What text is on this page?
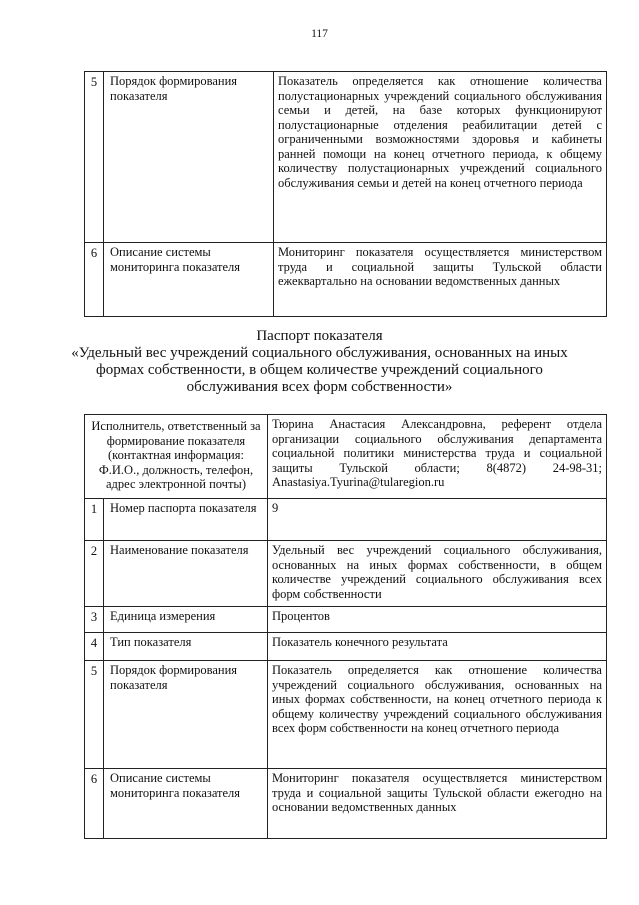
117
5	Порядок формирования показателя	Показатель определяется как отношение количества полустационарных учреждений социального обслуживания семьи и детей, на базе которых функционируют полустационарные отделения реабилитации детей с ограниченными возможностями здоровья и кабинеты ранней помощи на конец отчетного периода, к общему количеству полустационарных учреждений социального обслуживания семьи и детей на конец отчетного периода
6	Описание системы мониторинга показателя	Мониторинг показателя осуществляется министерством труда и социальной защиты Тульской области ежеквартально на основании ведомственных данных
Паспорт показателя
«Удельный вес учреждений социального обслуживания, основанных на иных формах собственности, в общем количестве учреждений социального обслуживания всех форм собственности»
Исполнитель, ответственный за формирование показателя (контактная информация: Ф.И.О., должность, телефон, адрес электронной почты)		Тюрина Анастасия Александровна, референт отдела организации социального обслуживания департамента социальной политики министерства труда и социальной защиты Тульской области; 8(4872) 24-98-31; Anastasiya.Tyurina@tularegion.ru
1	Номер паспорта показателя	9
2	Наименование показателя	Удельный вес учреждений социального обслуживания, основанных на иных формах собственности, в общем количестве учреждений социального обслуживания всех форм собственности
3	Единица измерения	Процентов
4	Тип показателя	Показатель конечного результата
5	Порядок формирования показателя	Показатель определяется как отношение количества учреждений социального обслуживания, основанных на иных формах собственности, на конец отчетного периода к общему количеству учреждений социального обслуживания всех форм собственности на конец отчетного периода
6	Описание системы мониторинга показателя	Мониторинг показателя осуществляется министерством труда и социальной защиты Тульской области ежегодно на основании ведомственных данных
